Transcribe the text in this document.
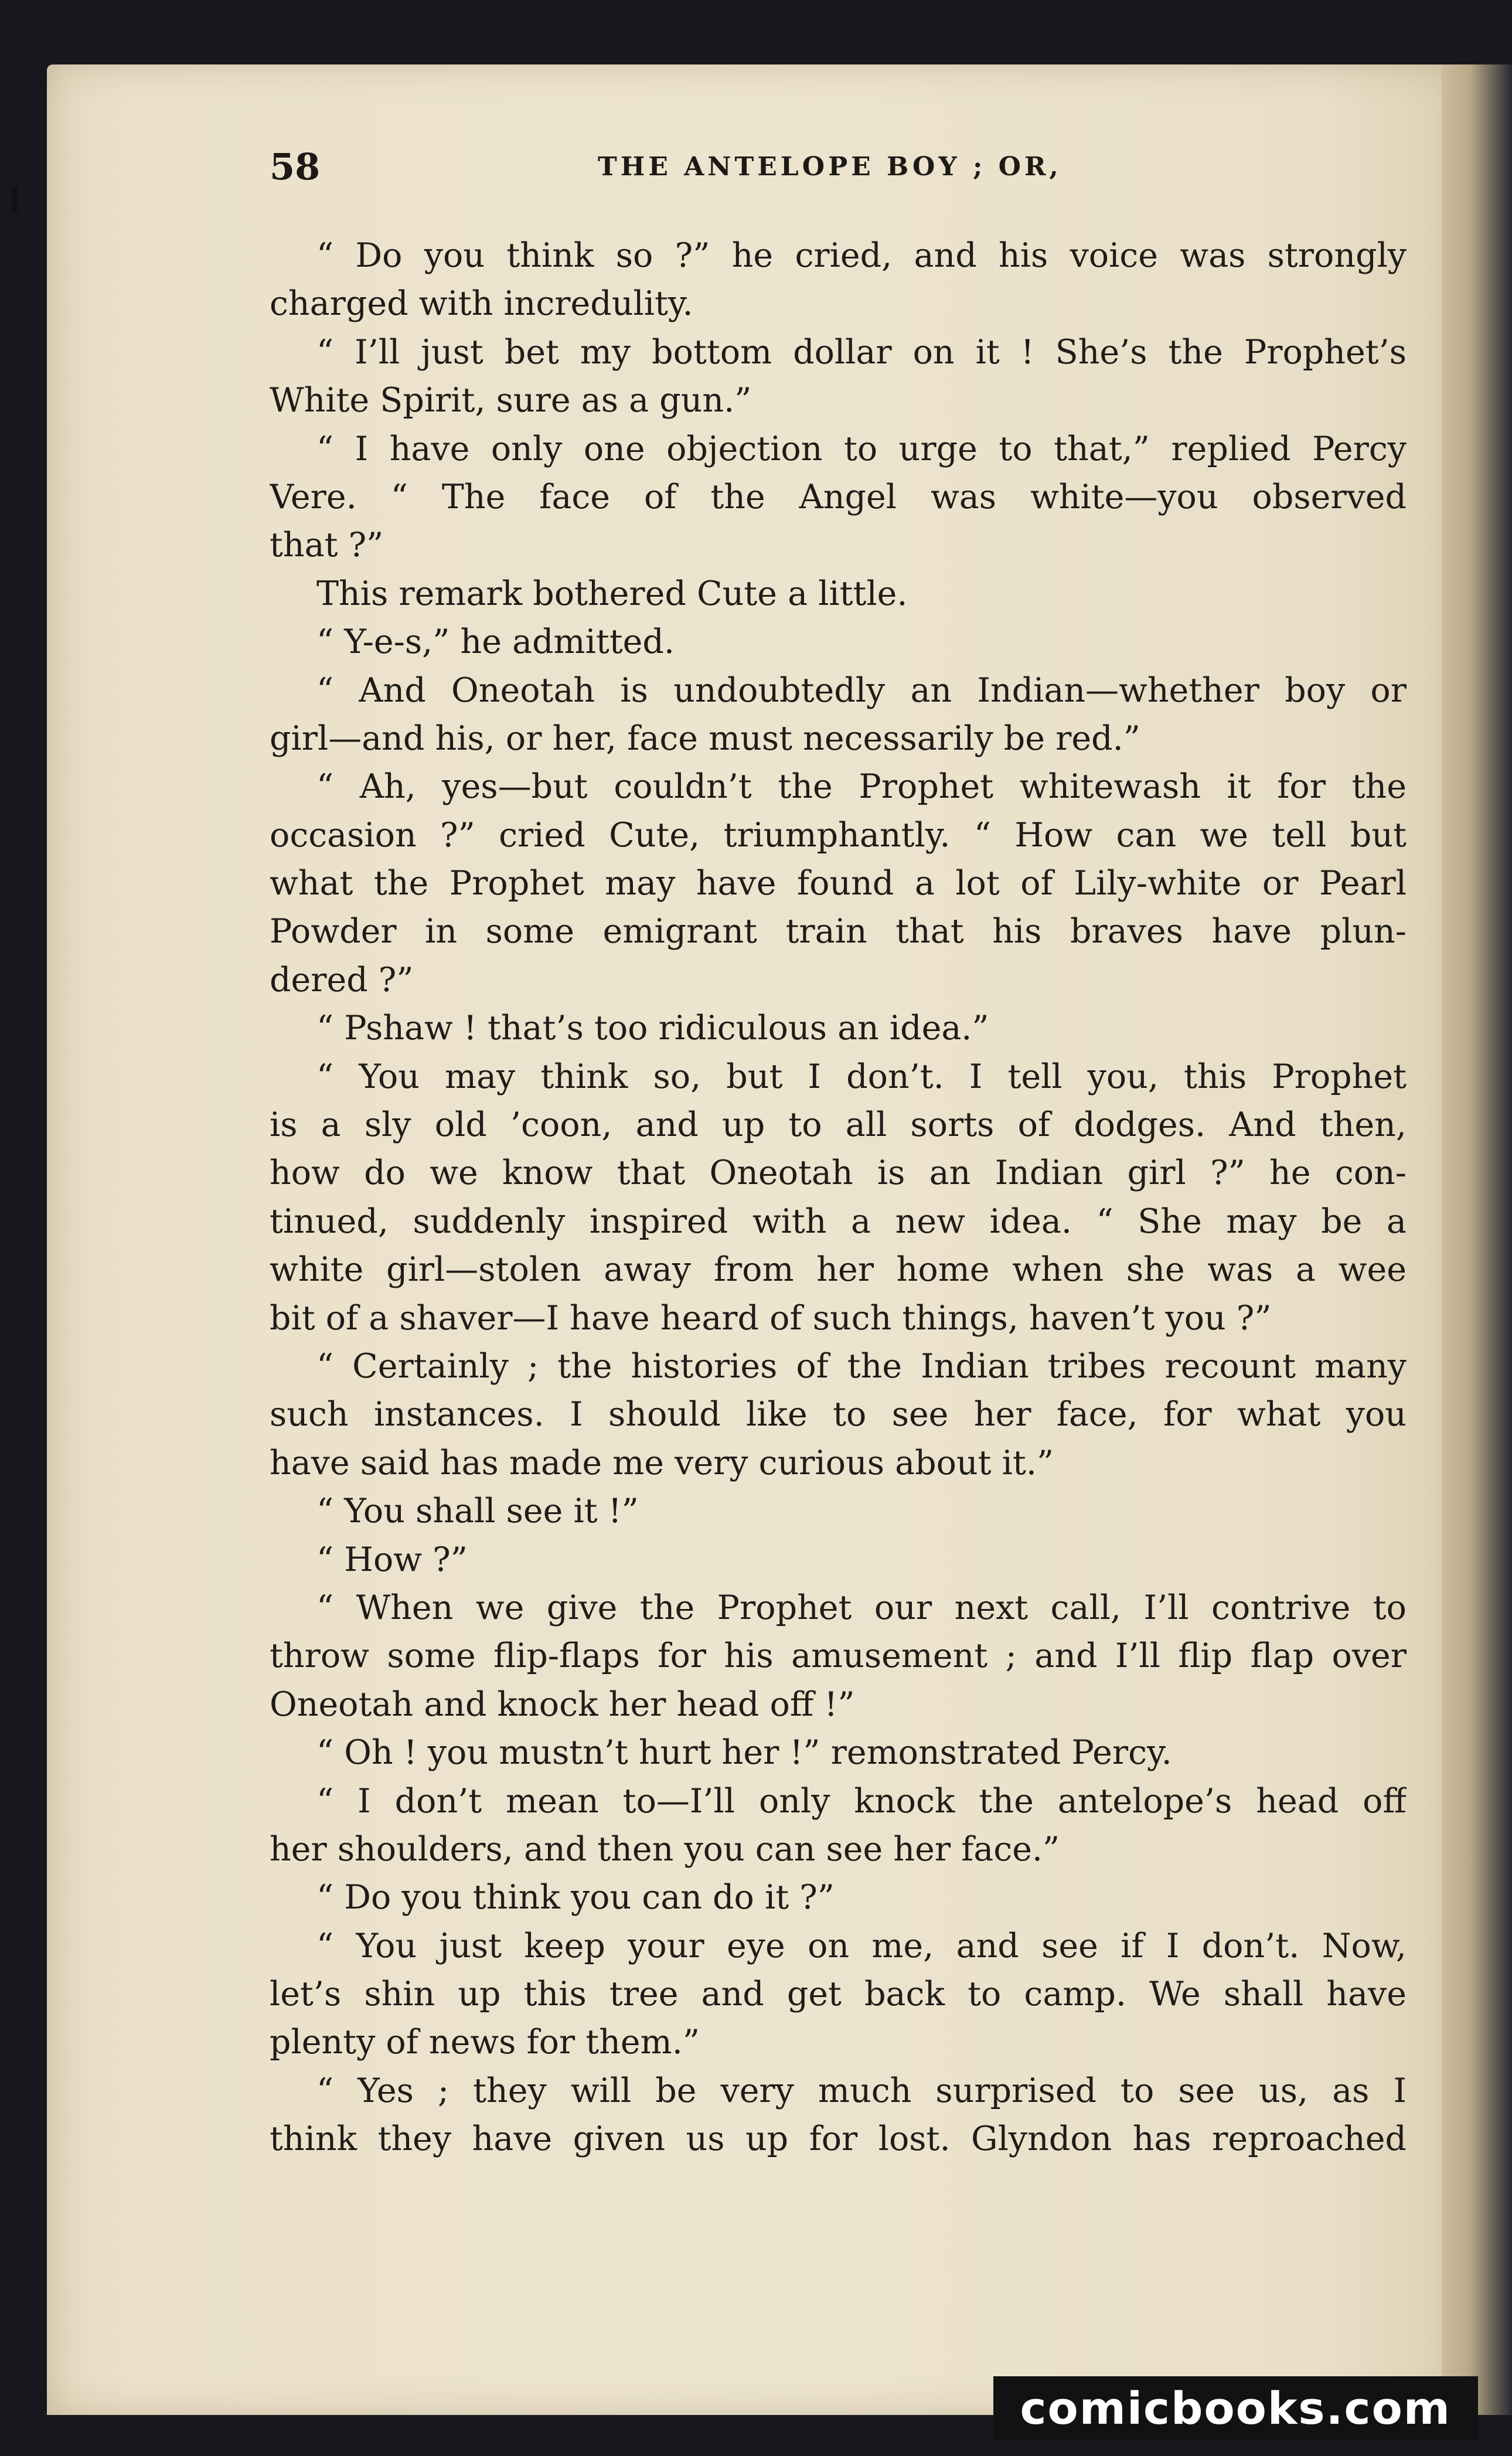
58	THE ANTELOPE BOY ; OR,
“ Do you think so ?” he cried, and his voice was strongly
charged with incredulity.
“ I’ll just bet my bottom dollar on it ! She’s the Prophet’s
White Spirit, sure as a gun.”
“ I have only one objection to urge to that,” replied Percy
Vere. “ The face of the Angel was white—you observed
that ?”
This remark bothered Cute a little.
“ Y-e-s,” he admitted.
“ And Oneotah is undoubtedly an Indian—whether boy or
girl—and his, or her, face must necessarily be red.”
“ Ah, yes—but couldn’t the Prophet whitewash it for the
occasion ?” cried Cute, triumphantly. “ How can we tell but
what the Prophet may have found a lot of Lily-white or Pearl
Powder in some emigrant train that his braves have plun-
dered ?”
“ Pshaw ! that’s too ridiculous an idea.”
“ You may think so, but I don’t. I tell you, this Prophet
is a sly old ’coon, and up to all sorts of dodges. And then,
how do we know that Oneotah is an Indian girl ?” he con-
tinued, suddenly inspired with a new idea. “ She may be a
white girl—stolen away from her home when she was a wee
bit of a shaver—I have heard of such things, haven’t you ?”
“ Certainly ; the histories of the Indian tribes recount many
such instances. I should like to see her face, for what you
have said has made me very curious about it.”
“ You shall see it !”
“ How ?”
“ When we give the Prophet our next call, I’ll contrive to
throw some flip-flaps for his amusement ; and I’ll flip flap over
Oneotah and knock her head off !”
“ Oh ! you mustn’t hurt her !” remonstrated Percy.
“ I don’t mean to—I’ll only knock the antelope’s head off
her shoulders, and then you can see her face.”
“ Do you think you can do it ?”
“ You just keep your eye on me, and see if I don’t. Now,
let’s shin up this tree and get back to camp. We shall have
plenty of news for them.”
“ Yes ; they will be very much surprised to see us, as I
think they have given us up for lost. Glyndon has reproached
comicbooks.com
